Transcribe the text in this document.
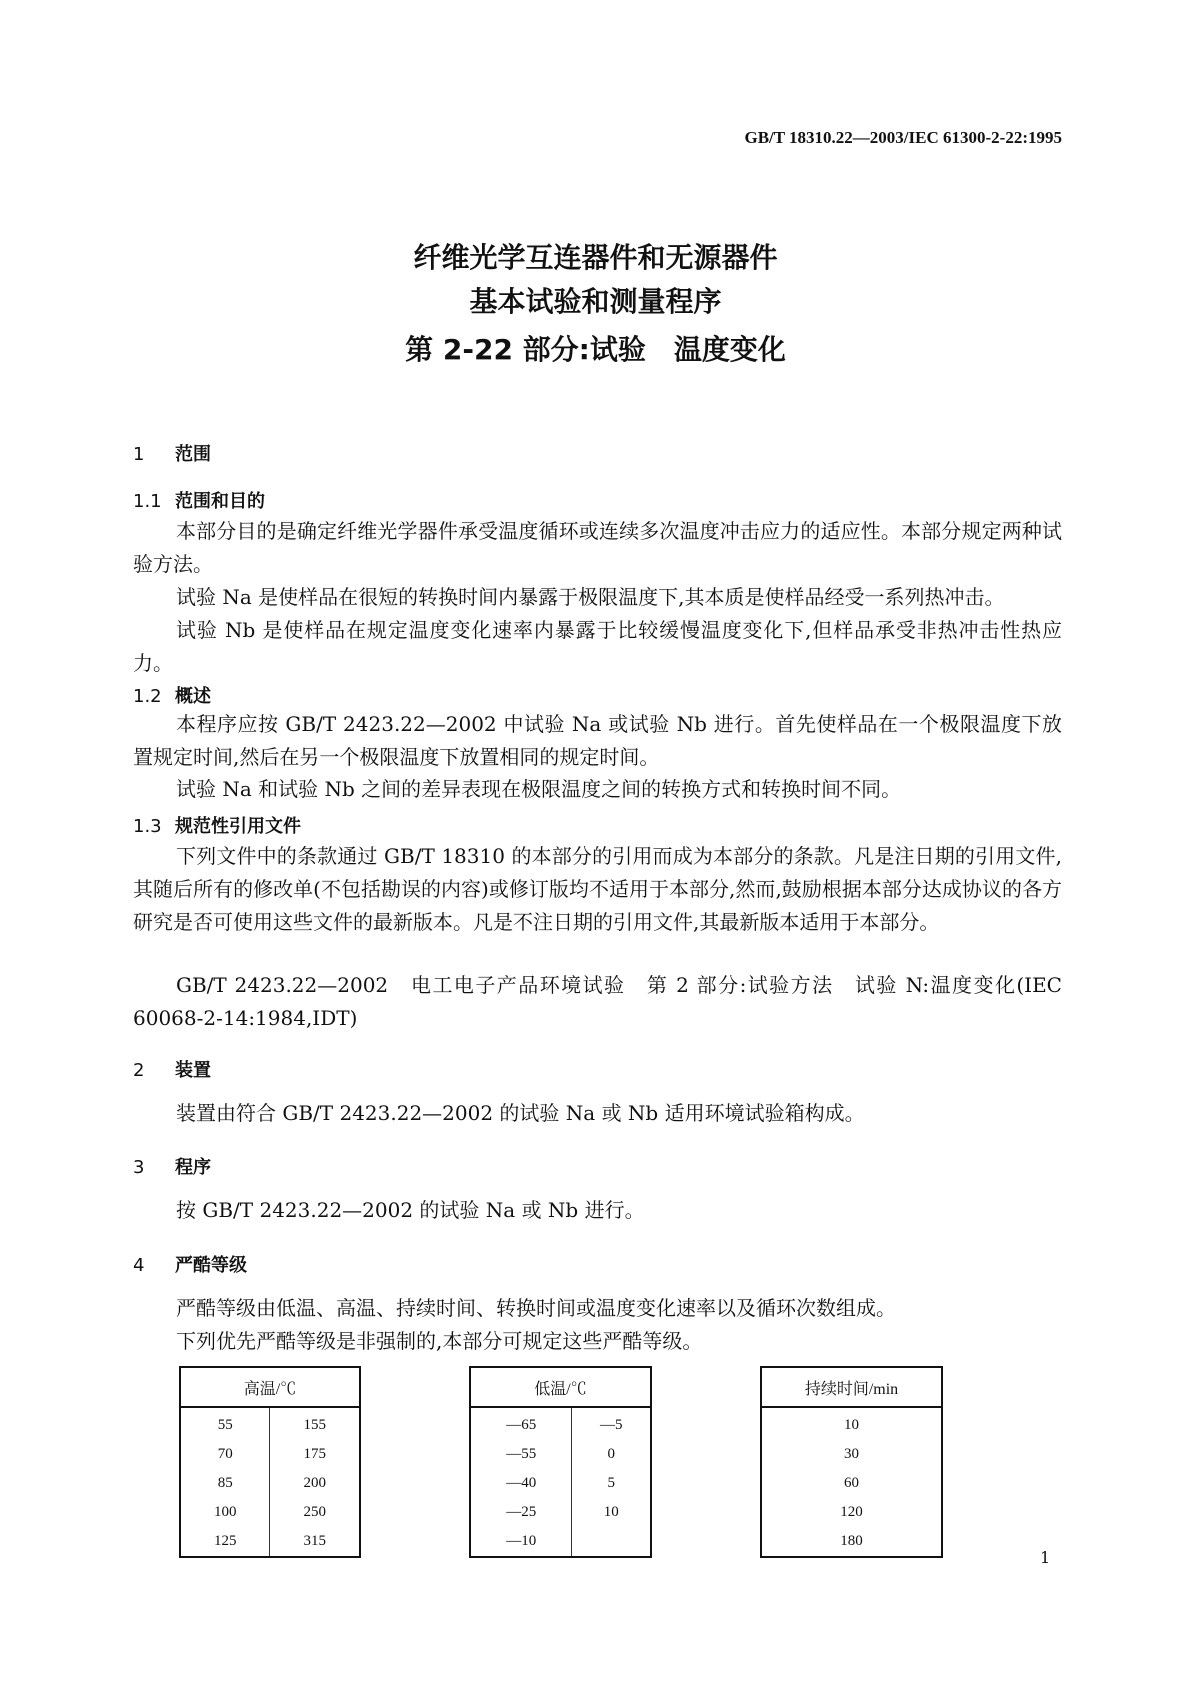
GB/T 18310.22—2003/IEC 61300-2-22:1995
纤维光学互连器件和无源器件
基本试验和测量程序
第 2-22 部分:试验　温度变化
1 范围
1.1 范围和目的
本部分目的是确定纤维光学器件承受温度循环或连续多次温度冲击应力的适应性。本部分规定两种试验方法。
试验 Na 是使样品在很短的转换时间内暴露于极限温度下,其本质是使样品经受一系列热冲击。
试验 Nb 是使样品在规定温度变化速率内暴露于比较缓慢温度变化下,但样品承受非热冲击性热应力。
1.2 概述
本程序应按 GB/T 2423.22—2002 中试验 Na 或试验 Nb 进行。首先使样品在一个极限温度下放置规定时间,然后在另一个极限温度下放置相同的规定时间。
试验 Na 和试验 Nb 之间的差异表现在极限温度之间的转换方式和转换时间不同。
1.3 规范性引用文件
下列文件中的条款通过 GB/T 18310 的本部分的引用而成为本部分的条款。凡是注日期的引用文件,其随后所有的修改单(不包括勘误的内容)或修订版均不适用于本部分,然而,鼓励根据本部分达成协议的各方研究是否可使用这些文件的最新版本。凡是不注日期的引用文件,其最新版本适用于本部分。
GB/T 2423.22—2002　电工电子产品环境试验　第 2 部分:试验方法　试验 N:温度变化(IEC 60068-2-14:1984,IDT)
2 装置
装置由符合 GB/T 2423.22—2002 的试验 Na 或 Nb 适用环境试验箱构成。
3 程序
按 GB/T 2423.22—2002 的试验 Na 或 Nb 进行。
4 严酷等级
严酷等级由低温、高温、持续时间、转换时间或温度变化速率以及循环次数组成。
下列优先严酷等级是非强制的,本部分可规定这些严酷等级。
高温/℃	
55	155
70	175
85	200
100	250
125	315
低温/℃	
—65	—5
—55	0
—40	5
—25	10
—10	
持续时间/min
10
30
60
120
180
1
